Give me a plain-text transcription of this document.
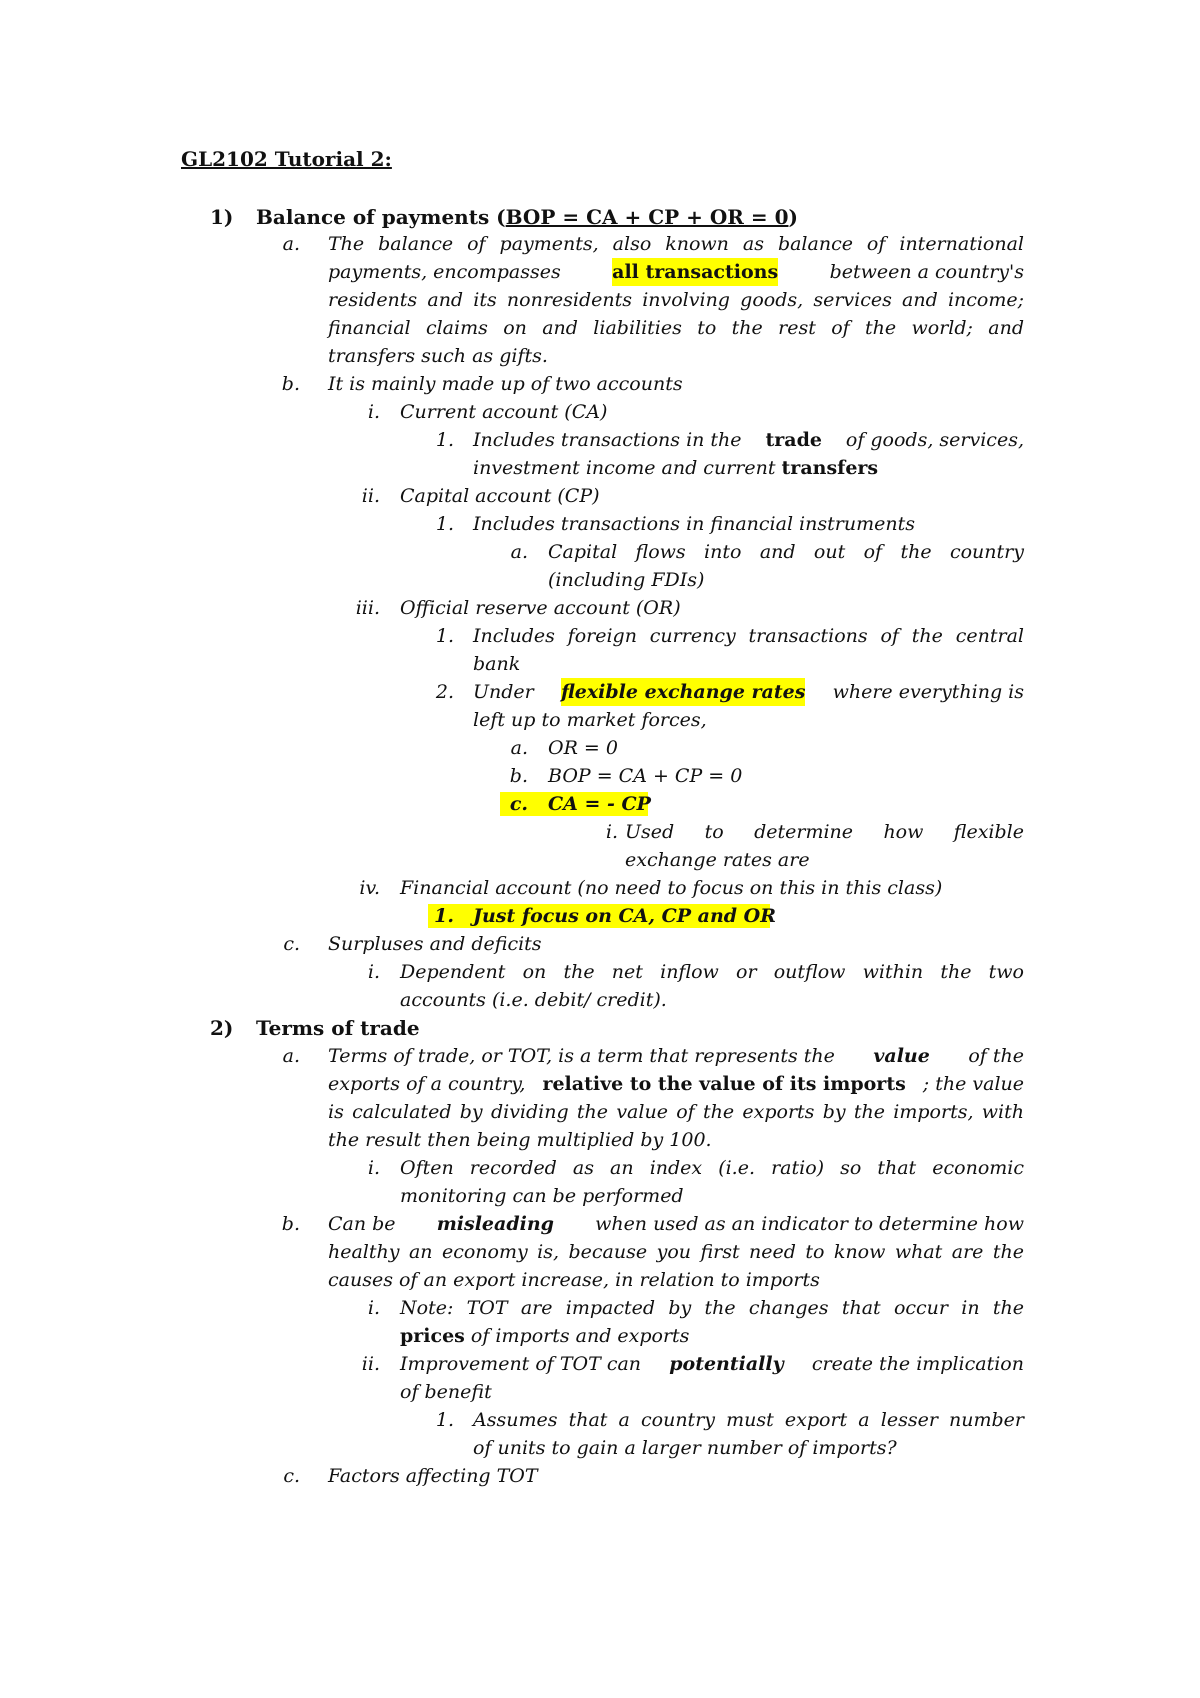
GL2102 Tutorial 2:
1)	Balance of payments (BOP = CA + CP + OR = 0)
a. The balance of payments, also known as balance of international
payments, encompasses	all transactions	between a country's
residents and its nonresidents involving goods, services and income;
financial claims on and liabilities to the rest of the world; and
transfers such as gifts.
b. It is mainly made up of two accounts
i. Current account (CA)
1. Includes transactions in the trade of goods, services,
investment income and current transfers
ii. Capital account (CP)
1. Includes transactions in financial instruments
a. Capital flows into and out of the country
(including FDIs)
iii. Official reserve account (OR)
1. Includes foreign currency transactions of the central
bank
2. Under flexible exchange rates where everything is
left up to market forces,
a. OR = 0
b. BOP = CA + CP = 0
c. CA = - CP
i. Used to determine how flexible
exchange rates are
iv. Financial account (no need to focus on this in this class)
1. Just focus on CA, CP and OR
c. Surpluses and deficits
i. Dependent on the net inflow or outflow within the two
accounts (i.e. debit/ credit).
2)	Terms of trade
a. Terms of trade, or TOT, is a term that represents the value of the
exports of a country, relative to the value of its imports ; the value
is calculated by dividing the value of the exports by the imports, with
the result then being multiplied by 100.
i. Often recorded as an index (i.e. ratio) so that economic
monitoring can be performed
b. Can be misleading when used as an indicator to determine how
healthy an economy is, because you first need to know what are the
causes of an export increase, in relation to imports
i. Note: TOT are impacted by the changes that occur in the
prices of imports and exports
ii. Improvement of TOT can potentially create the implication
of benefit
1. Assumes that a country must export a lesser number
of units to gain a larger number of imports?
c. Factors affecting TOT
